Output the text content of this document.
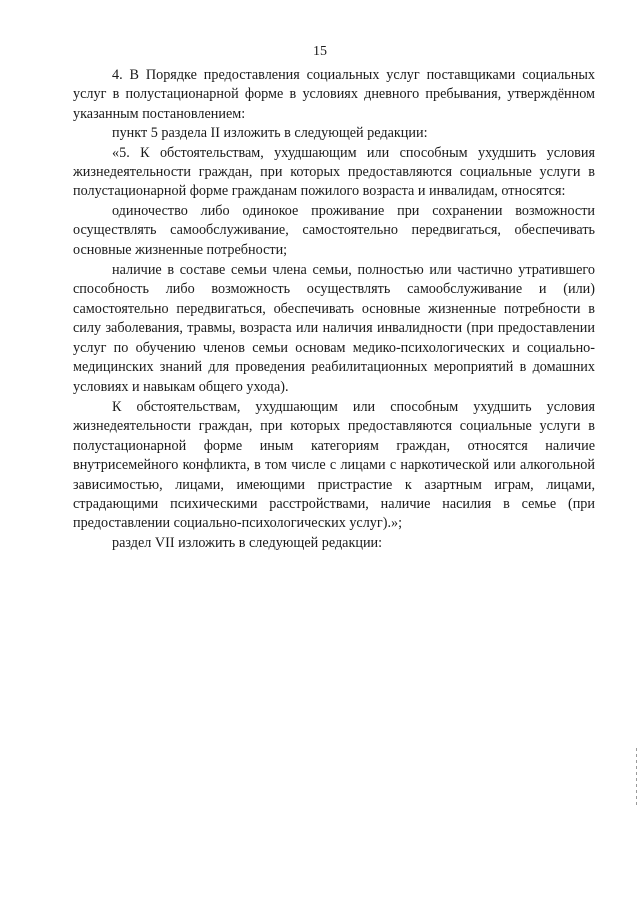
15

4. В Порядке предоставления социальных услуг поставщиками социальных услуг в полустационарной форме в условиях дневного пребывания, утверждённом указанным постановлением:

пункт 5 раздела II изложить в следующей редакции:

«5. К обстоятельствам, ухудшающим или способным ухудшить условия жизнедеятельности граждан, при которых предоставляются социальные услуги в полустационарной форме гражданам пожилого возраста и инвалидам, относятся:

одиночество либо одинокое проживание при сохранении возможности осуществлять самообслуживание, самостоятельно передвигаться, обеспечивать основные жизненные потребности;

наличие в составе семьи члена семьи, полностью или частично утратившего способность либо возможность осуществлять самообслуживание и (или) самостоятельно передвигаться, обеспечивать основные жизненные потребности в силу заболевания, травмы, возраста или наличия инвалидности (при предоставлении услуг по обучению членов семьи основам медико-психологических и социально-медицинских знаний для проведения реабилитационных мероприятий в домашних условиях и навыкам общего ухода).

К обстоятельствам, ухудшающим или способным ухудшить условия жизнедеятельности граждан, при которых предоставляются социальные услуги в полустационарной форме иным категориям граждан, относятся наличие внутрисемейного конфликта, в том числе с лицами с наркотической или алкогольной зависимостью, лицами, имеющими пристрастие к азартным играм, лицами, страдающими психическими расстройствами, наличие насилия в семье (при предоставлении социально-психологических услуг).»;

раздел VII изложить в следующей редакции:
